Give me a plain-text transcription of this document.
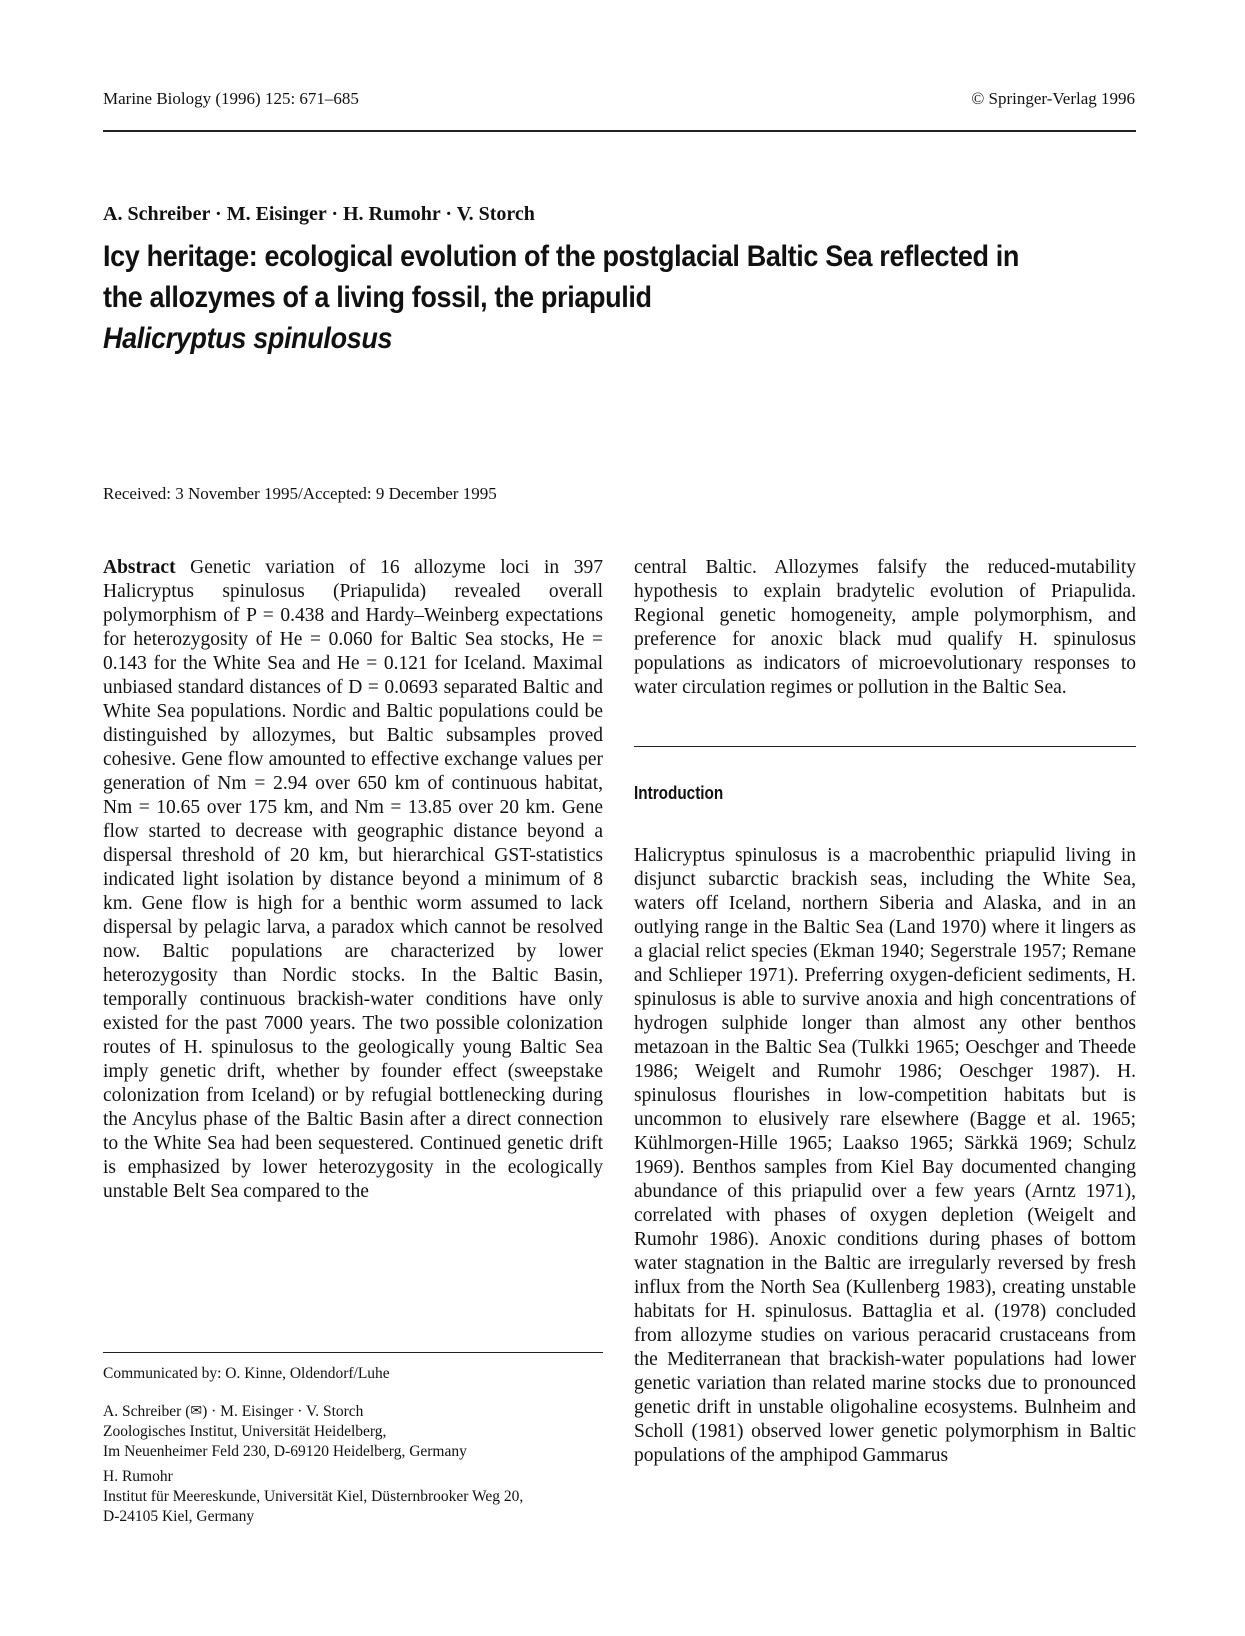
Marine Biology (1996) 125: 671–685	© Springer-Verlag 1996
A. Schreiber · M. Eisinger · H. Rumohr · V. Storch
Icy heritage: ecological evolution of the postglacial Baltic Sea reflected in the allozymes of a living fossil, the priapulid
Halicryptus spinulosus
Received: 3 November 1995/Accepted: 9 December 1995

Abstract Genetic variation of 16 allozyme loci in 397 Halicryptus spinulosus (Priapulida) revealed overall polymorphism of P = 0.438 and Hardy–Weinberg expectations for heterozygosity of He = 0.060 for Baltic Sea stocks, He = 0.143 for the White Sea and He = 0.121 for Iceland. Maximal unbiased standard distances of D = 0.0693 separated Baltic and White Sea populations. Nordic and Baltic populations could be distinguished by allozymes, but Baltic subsamples proved cohesive. Gene flow amounted to effective exchange values per generation of Nm = 2.94 over 650 km of continuous habitat, Nm = 10.65 over 175 km, and Nm = 13.85 over 20 km. Gene flow started to decrease with geographic distance beyond a dispersal threshold of 20 km, but hierarchical GST-statistics indicated light isolation by distance beyond a minimum of 8 km. Gene flow is high for a benthic worm assumed to lack dispersal by pelagic larva, a paradox which cannot be resolved now. Baltic populations are characterized by lower heterozygosity than Nordic stocks. In the Baltic Basin, temporally continuous brackish-water conditions have only existed for the past 7000 years. The two possible colonization routes of H. spinulosus to the geologically young Baltic Sea imply genetic drift, whether by founder effect (sweepstake colonization from Iceland) or by refugial bottlenecking during the Ancylus phase of the Baltic Basin after a direct connection to the White Sea had been sequestered. Continued genetic drift is emphasized by lower heterozygosity in the ecologically unstable Belt Sea compared to the

central Baltic. Allozymes falsify the reduced-mutability hypothesis to explain bradytelic evolution of Priapulida. Regional genetic homogeneity, ample polymorphism, and preference for anoxic black mud qualify H. spinulosus populations as indicators of microevolutionary responses to water circulation regimes or pollution in the Baltic Sea.

Introduction
Halicryptus spinulosus is a macrobenthic priapulid living in disjunct subarctic brackish seas, including the White Sea, waters off Iceland, northern Siberia and Alaska, and in an outlying range in the Baltic Sea (Land 1970) where it lingers as a glacial relict species (Ekman 1940; Segerstrale 1957; Remane and Schlieper 1971). Preferring oxygen-deficient sediments, H. spinulosus is able to survive anoxia and high concentrations of hydrogen sulphide longer than almost any other benthos metazoan in the Baltic Sea (Tulkki 1965; Oeschger and Theede 1986; Weigelt and Rumohr 1986; Oeschger 1987). H. spinulosus flourishes in low-competition habitats but is uncommon to elusively rare elsewhere (Bagge et al. 1965; Kühlmorgen-Hille 1965; Laakso 1965; Särkkä 1969; Schulz 1969). Benthos samples from Kiel Bay documented changing abundance of this priapulid over a few years (Arntz 1971), correlated with phases of oxygen depletion (Weigelt and Rumohr 1986). Anoxic conditions during phases of bottom water stagnation in the Baltic are irregularly reversed by fresh influx from the North Sea (Kullenberg 1983), creating unstable habitats for H. spinulosus. Battaglia et al. (1978) concluded from allozyme studies on various peracarid crustaceans from the Mediterranean that brackish-water populations had lower genetic variation than related marine stocks due to pronounced genetic drift in unstable oligohaline ecosystems. Bulnheim and Scholl (1981) observed lower genetic polymorphism in Baltic populations of the amphipod Gammarus
Communicated by: O. Kinne, Oldendorf/Luhe

A. Schreiber (✉) · M. Eisinger · V. Storch

Zoologisches Institut, Universität Heidelberg,

Im Neuenheimer Feld 230, D-69120 Heidelberg, Germany

H. Rumohr

Institut für Meereskunde, Universität Kiel, Düsternbrooker Weg 20,

D-24105 Kiel, Germany
